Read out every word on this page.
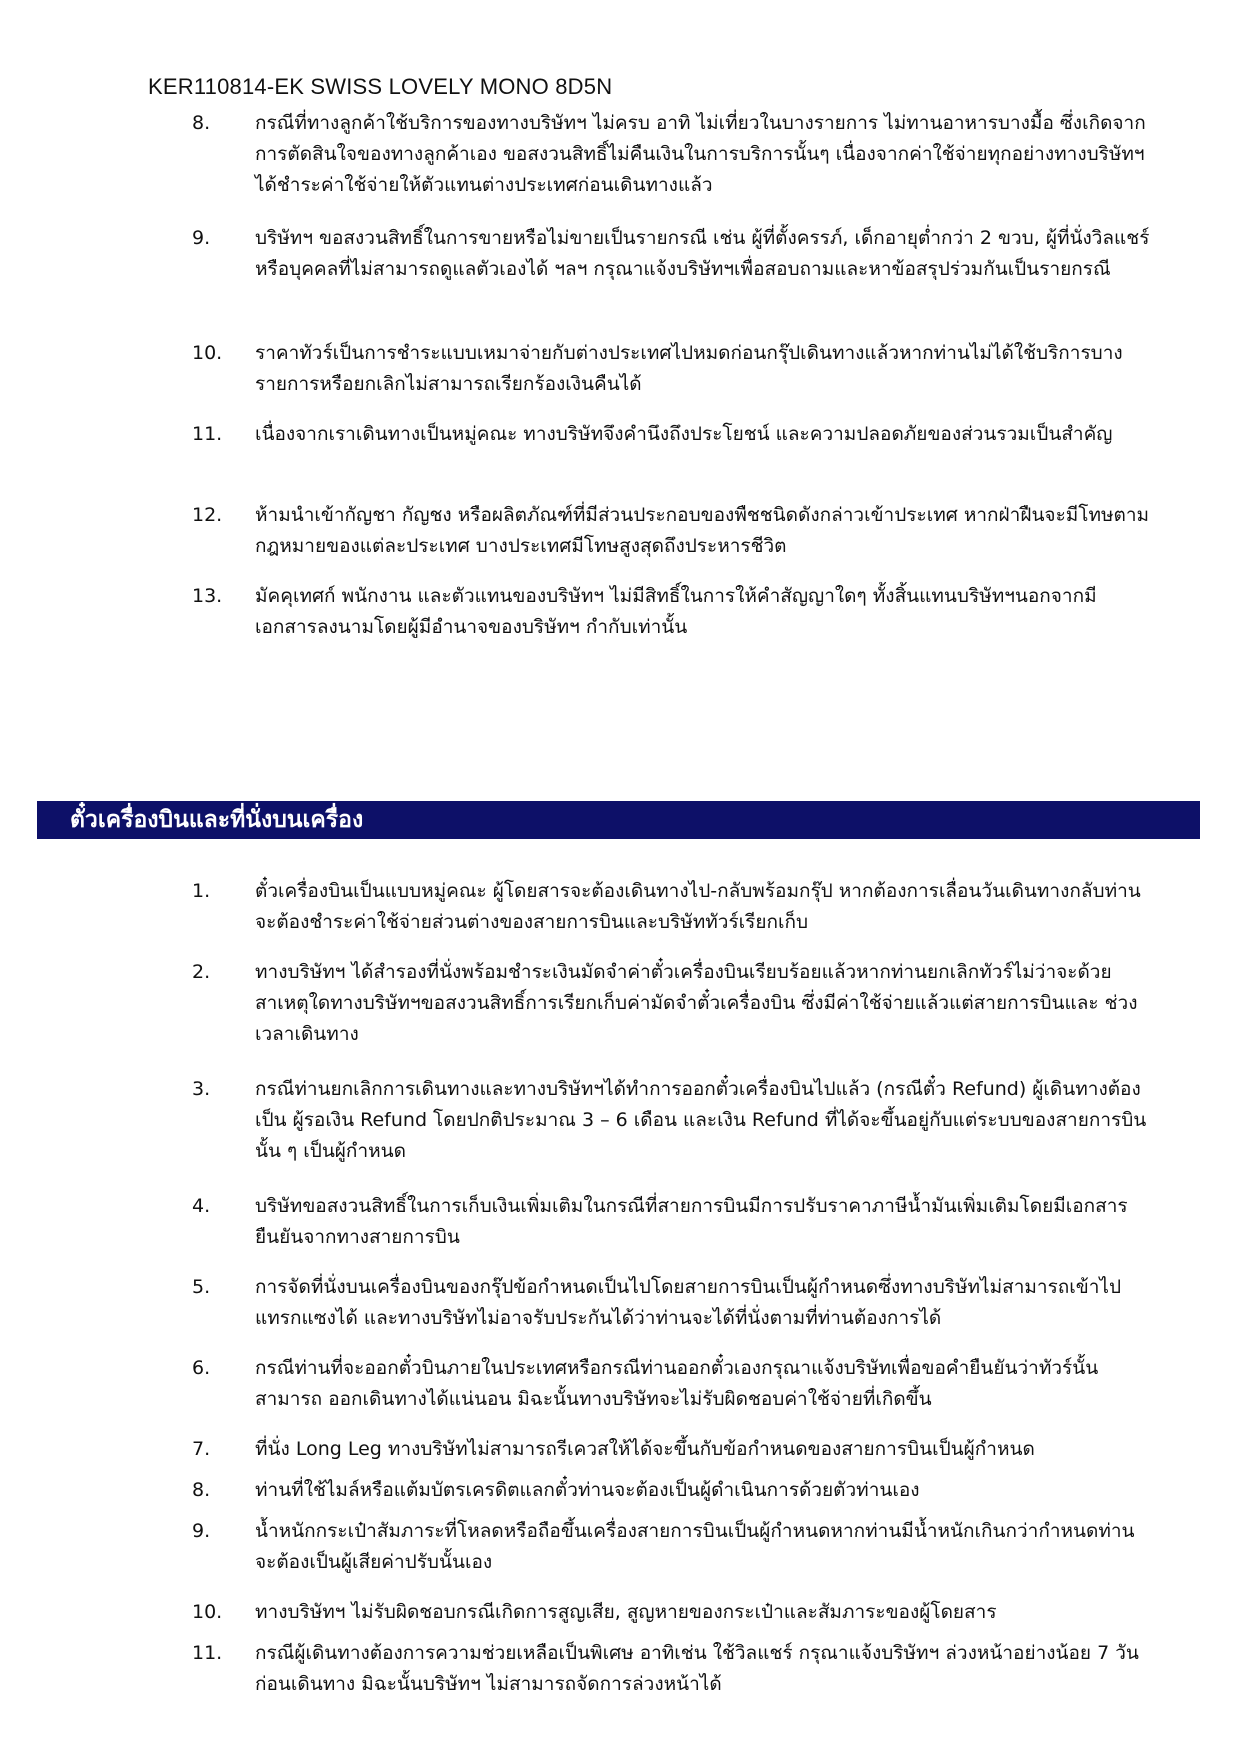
KER110814-EK SWISS LOVELY MONO 8D5N
8.	กรณีที่ทางลูกค้าใช้บริการของทางบริษัทฯ ไม่ครบ อาทิ ไม่เที่ยวในบางรายการ ไม่ทานอาหารบางมื้อ ซึ่งเกิดจากการตัดสินใจของทางลูกค้าเอง ขอสงวนสิทธิ์ไม่คืนเงินในการบริการนั้นๆ เนื่องจากค่าใช้จ่ายทุกอย่างทางบริษัทฯ ได้ชำระค่าใช้จ่ายให้ตัวแทนต่างประเทศก่อนเดินทางแล้ว
9.	บริษัทฯ ขอสงวนสิทธิ์ในการขายหรือไม่ขายเป็นรายกรณี เช่น ผู้ที่ตั้งครรภ์, เด็กอายุต่ำกว่า 2 ขวบ, ผู้ที่นั่งวิลแชร์ หรือบุคคลที่ไม่สามารถดูแลตัวเองได้ ฯลฯ กรุณาแจ้งบริษัทฯเพื่อสอบถามและหาข้อสรุปร่วมกันเป็นรายกรณี
10.	ราคาทัวร์เป็นการชำระแบบเหมาจ่ายกับต่างประเทศไปหมดก่อนกรุ๊ปเดินทางแล้วหากท่านไม่ได้ใช้บริการบางรายการหรือยกเลิกไม่สามารถเรียกร้องเงินคืนได้
11.	เนื่องจากเราเดินทางเป็นหมู่คณะ ทางบริษัทจึงคำนึงถึงประโยชน์ และความปลอดภัยของส่วนรวมเป็นสำคัญ
12.	ห้ามนำเข้ากัญชา กัญชง หรือผลิตภัณฑ์ที่มีส่วนประกอบของพืชชนิดดังกล่าวเข้าประเทศ หากฝ่าฝืนจะมีโทษตามกฎหมายของแต่ละประเทศ บางประเทศมีโทษสูงสุดถึงประหารชีวิต
13.	มัคคุเทศก์ พนักงาน และตัวแทนของบริษัทฯ ไม่มีสิทธิ์ในการให้คำสัญญาใดๆ ทั้งสิ้นแทนบริษัทฯนอกจากมีเอกสารลงนามโดยผู้มีอำนาจของบริษัทฯ กำกับเท่านั้น
ตั๋วเครื่องบินและที่นั่งบนเครื่อง
1.	ตั๋วเครื่องบินเป็นแบบหมู่คณะ ผู้โดยสารจะต้องเดินทางไป-กลับพร้อมกรุ๊ป หากต้องการเลื่อนวันเดินทางกลับท่าน จะต้องชำระค่าใช้จ่ายส่วนต่างของสายการบินและบริษัททัวร์เรียกเก็บ
2.	ทางบริษัทฯ ได้สำรองที่นั่งพร้อมชำระเงินมัดจำค่าตั๋วเครื่องบินเรียบร้อยแล้วหากท่านยกเลิกทัวร์ไม่ว่าจะด้วยสาเหตุใดทางบริษัทฯขอสงวนสิทธิ์การเรียกเก็บค่ามัดจำตั๋วเครื่องบิน ซึ่งมีค่าใช้จ่ายแล้วแต่สายการบินและ ช่วงเวลาเดินทาง
3.	กรณีท่านยกเลิกการเดินทางและทางบริษัทฯได้ทำการออกตั๋วเครื่องบินไปแล้ว (กรณีตั๋ว Refund) ผู้เดินทางต้องเป็น ผู้รอเงิน Refund โดยปกติประมาณ 3 – 6 เดือน และเงิน Refund ที่ได้จะขึ้นอยู่กับแต่ระบบของสายการบินนั้น ๆ เป็นผู้กำหนด
4.	บริษัทขอสงวนสิทธิ์ในการเก็บเงินเพิ่มเติมในกรณีที่สายการบินมีการปรับราคาภาษีน้ำมันเพิ่มเติมโดยมีเอกสารยืนยันจากทางสายการบิน
5.	การจัดที่นั่งบนเครื่องบินของกรุ๊ปข้อกำหนดเป็นไปโดยสายการบินเป็นผู้กำหนดซึ่งทางบริษัทไม่สามารถเข้าไปแทรกแซงได้ และทางบริษัทไม่อาจรับประกันได้ว่าท่านจะได้ที่นั่งตามที่ท่านต้องการได้
6.	กรณีท่านที่จะออกตั๋วบินภายในประเทศหรือกรณีท่านออกตั๋วเองกรุณาแจ้งบริษัทเพื่อขอคำยืนยันว่าทัวร์นั้นสามารถ ออกเดินทางได้แน่นอน มิฉะนั้นทางบริษัทจะไม่รับผิดชอบค่าใช้จ่ายที่เกิดขึ้น
7.	ที่นั่ง Long Leg ทางบริษัทไม่สามารถรีเควสให้ได้จะขึ้นกับข้อกำหนดของสายการบินเป็นผู้กำหนด
8.	ท่านที่ใช้ไมล์หรือแต้มบัตรเครดิตแลกตั๋วท่านจะต้องเป็นผู้ดำเนินการด้วยตัวท่านเอง
9.	น้ำหนักกระเป๋าสัมภาระที่โหลดหรือถือขึ้นเครื่องสายการบินเป็นผู้กำหนดหากท่านมีน้ำหนักเกินกว่ากำหนดท่าน จะต้องเป็นผู้เสียค่าปรับนั้นเอง
10.	ทางบริษัทฯ ไม่รับผิดชอบกรณีเกิดการสูญเสีย, สูญหายของกระเป๋าและสัมภาระของผู้โดยสาร
11.	กรณีผู้เดินทางต้องการความช่วยเหลือเป็นพิเศษ อาทิเช่น ใช้วิลแชร์ กรุณาแจ้งบริษัทฯ ล่วงหน้าอย่างน้อย 7 วันก่อนเดินทาง มิฉะนั้นบริษัทฯ ไม่สามารถจัดการล่วงหน้าได้
